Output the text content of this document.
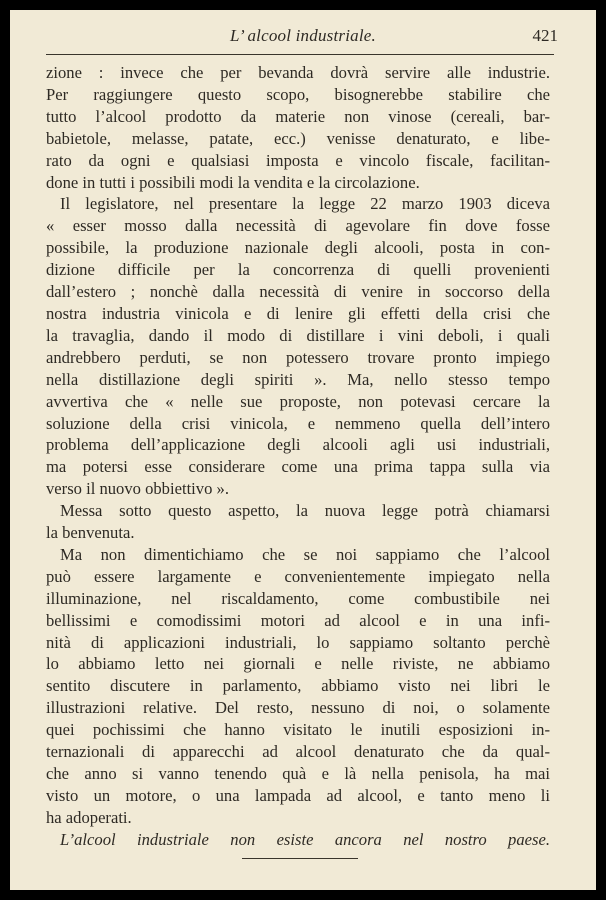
L’ alcool industriale.	421
zione : invece che per bevanda dovrà servire alle industrie.
Per raggiungere questo scopo, bisognerebbe stabilire che
tutto l’alcool prodotto da materie non vinose (cereali, bar-
babietole, melasse, patate, ecc.) venisse denaturato, e libe-
rato da ogni e qualsiasi imposta e vincolo fiscale, facilitan-
done in tutti i possibili modi la vendita e la circolazione.
Il legislatore, nel presentare la legge 22 marzo 1903 diceva
« esser mosso dalla necessità di agevolare fin dove fosse
possibile, la produzione nazionale degli alcooli, posta in con-
dizione difficile per la concorrenza di quelli provenienti
dall’estero ; nonchè dalla necessità di venire in soccorso della
nostra industria vinicola e di lenire gli effetti della crisi che
la travaglia, dando il modo di distillare i vini deboli, i quali
andrebbero perduti, se non potessero trovare pronto impiego
nella distillazione degli spiriti ». Ma, nello stesso tempo
avvertiva che « nelle sue proposte, non potevasi cercare la
soluzione della crisi vinicola, e nemmeno quella dell’intero
problema dell’applicazione degli alcooli agli usi industriali,
ma potersi esse considerare come una prima tappa sulla via
verso il nuovo obbiettivo ».
Messa sotto questo aspetto, la nuova legge potrà chiamarsi
la benvenuta.
Ma non dimentichiamo che se noi sappiamo che l’alcool
può essere largamente e convenientemente impiegato nella
illuminazione, nel riscaldamento, come combustibile nei
bellissimi e comodissimi motori ad alcool e in una infi-
nità di applicazioni industriali, lo sappiamo soltanto perchè
lo abbiamo letto nei giornali e nelle riviste, ne abbiamo
sentito discutere in parlamento, abbiamo visto nei libri le
illustrazioni relative. Del resto, nessuno di noi, o solamente
quei pochissimi che hanno visitato le inutili esposizioni in-
ternazionali di apparecchi ad alcool denaturato che da qual-
che anno si vanno tenendo quà e là nella penisola, ha mai
visto un motore, o una lampada ad alcool, e tanto meno li
ha adoperati.
L’alcool industriale non esiste ancora nel nostro paese.
